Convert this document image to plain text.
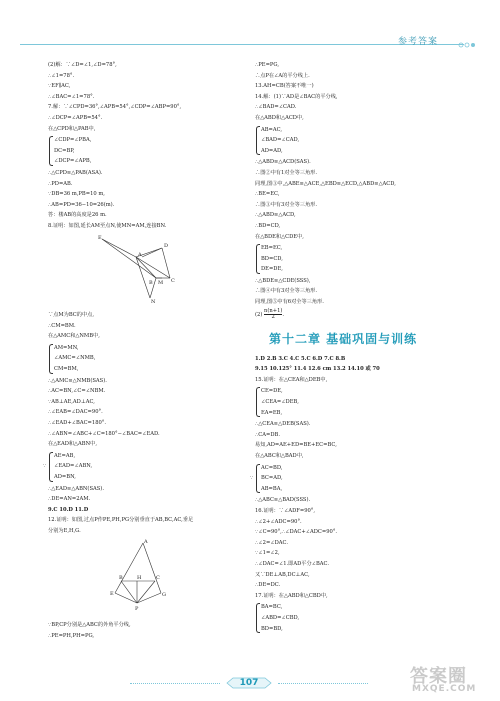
参考答案
(2)解：∵∠D=∠1,∠D=78°,
∴∠1=78°.
∵EF∥AC,
∴∠BAC=∠1=78°.
7.解：∵∠CPD=36°,∠APB=54°,∠CDP=∠ABP=90°,
∴∠DCP=∠APB=54°.
在△CPD和△PAB中,
∠CDP=∠PBA,
DC=BP,
∠DCP=∠APB,
∴△CPD≌△PAB(ASA).
∴PD=AB.
∵DB=36 m,PB=10 m,
∴AB=PD=36−10=26(m).
答：楼AB的高度是26 m.
8.证明：如图,延长AM至点N,使MN=AM,连接BN.
E
D
A
B M C
N
∵点M为BC的中点,
∴CM=BM.
在△AMC和△NMB中,
AM=MN,
∠AMC=∠NMB,
CM=BM,
∴△AMC≌△NMB(SAS).
∴AC=BN,∠C=∠NBM.
∵AB⊥AE,AD⊥AC,
∴∠EAB=∠DAC=90°.
∴∠EAD+∠BAC=180°.
∴∠ABN=∠ABC+∠C=180°−∠BAC=∠EAD.
在△EAD和△ABN中,
∵
AE=AB,
∠EAD=∠ABN,
AD=BN,
∴△EAD≌△ABN(SAS).
∴DE=AN=2AM.
9.C 10.D 11.D
12.证明：如图,过点P作PE,PH,PG分别垂直于AB,BC,AC,垂足
分别为E,H,G.
A
B
E
H	C
G
P
∵BP,CP分别是△ABC的外角平分线,
∴PE=PH,PH=PG,
∴PE=PG,
∴点P在∠A的平分线上.
13.AH=CB(答案不唯一)
14.解：(1)∵AD是∠BAC的平分线,
∴∠BAD=∠CAD.
在△ABD和△ACD中,
AB=AC,
∠BAD=∠CAD,
AD=AD,
∴△ABD≌△ACD(SAS).
∴图②中有1对全等三角形.
同理,图③中,△ABE≌△ACE,△EBD≌△ECD,△ABD≌△ACD,
∴BE=EC,
∴图③中有3对全等三角形.
∴△ABD≌△ACD,
∴BD=CD,
在△BDE和△CDE中,
EB=EC,
BD=CD,
DE=DE,
∴△BDE≌△CDE(SSS),
∴图④中有3对全等三角形.
同理,图⑤中有6对全等三角形.
$(2) \frac{n(n+1)}{2}$ .
第十二章 基础巩固与训练
1.D 2.B 3.C 4.C 5.C 6.D 7.C 8.B
9.15 10.125° 11.4 12.6 cm 13.2 14.10 或 70
15.证明：在△CEA和△DEB中,
CE=DE,
∠CEA=∠DEB,
EA=EB,
∴△CEA≌△DEB(SAS).
∴CA=DB.
易知,AD=AE+ED=BE+EC=BC,
在△ABC和△BAD中,
∵
AC=BD,
BC=AD,
AB=BA,
∴△ABC≌△BAD(SSS).
16.证明：∵∠ADF=90°,
∴∠2+∠ADC=90°.
∵∠C=90°,∴∠DAC+∠ADC=90°.
∴∠2=∠DAC.
∵∠1=∠2,
∴∠DAC=∠1.即AD平分∠BAC.
又∵DE⊥AB,DC⊥AC,
∴DE=DC.
17.证明：在△ABD和△CBD中,
BA=BC,
∠ABD=∠CBD,
BD=BD,
107	答案圈
MXQE.COM
